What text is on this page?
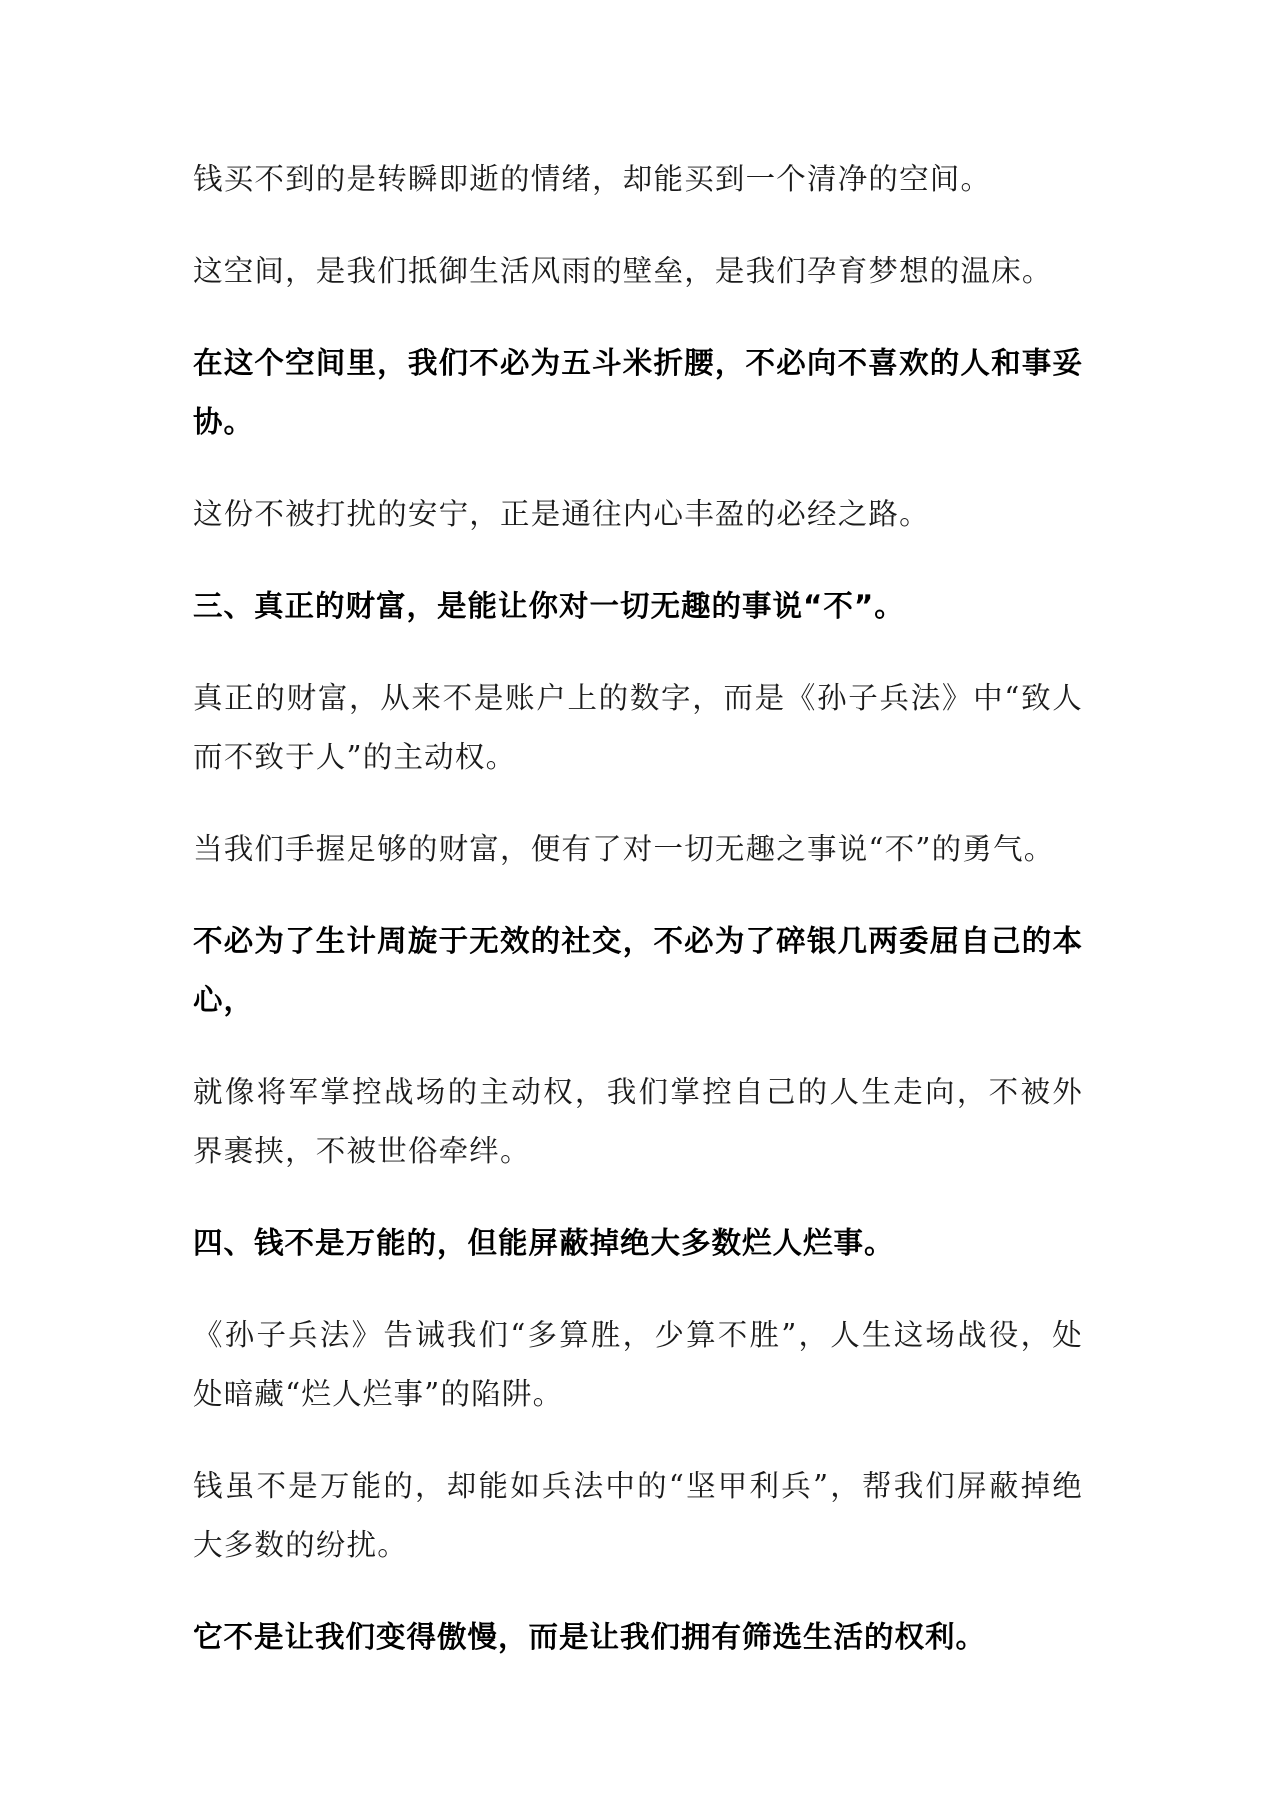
钱买不到的是转瞬即逝的情绪，却能买到一个清净的空间。

这空间，是我们抵御生活风雨的壁垒，是我们孕育梦想的温床。

在这个空间里，我们不必为五斗米折腰，不必向不喜欢的人和事妥协。

这份不被打扰的安宁，正是通往内心丰盈的必经之路。

三、真正的财富，是能让你对一切无趣的事说“不”。

真正的财富，从来不是账户上的数字，而是《孙子兵法》中“致人而不致于人”的主动权。

当我们手握足够的财富，便有了对一切无趣之事说“不”的勇气。

不必为了生计周旋于无效的社交，不必为了碎银几两委屈自己的本心，

就像将军掌控战场的主动权，我们掌控自己的人生走向，不被外界裹挟，不被世俗牵绊。

四、钱不是万能的，但能屏蔽掉绝大多数烂人烂事。

《孙子兵法》告诫我们“多算胜，少算不胜”，人生这场战役，处处暗藏“烂人烂事”的陷阱。

钱虽不是万能的，却能如兵法中的“坚甲利兵”，帮我们屏蔽掉绝大多数的纷扰。

它不是让我们变得傲慢，而是让我们拥有筛选生活的权利。
